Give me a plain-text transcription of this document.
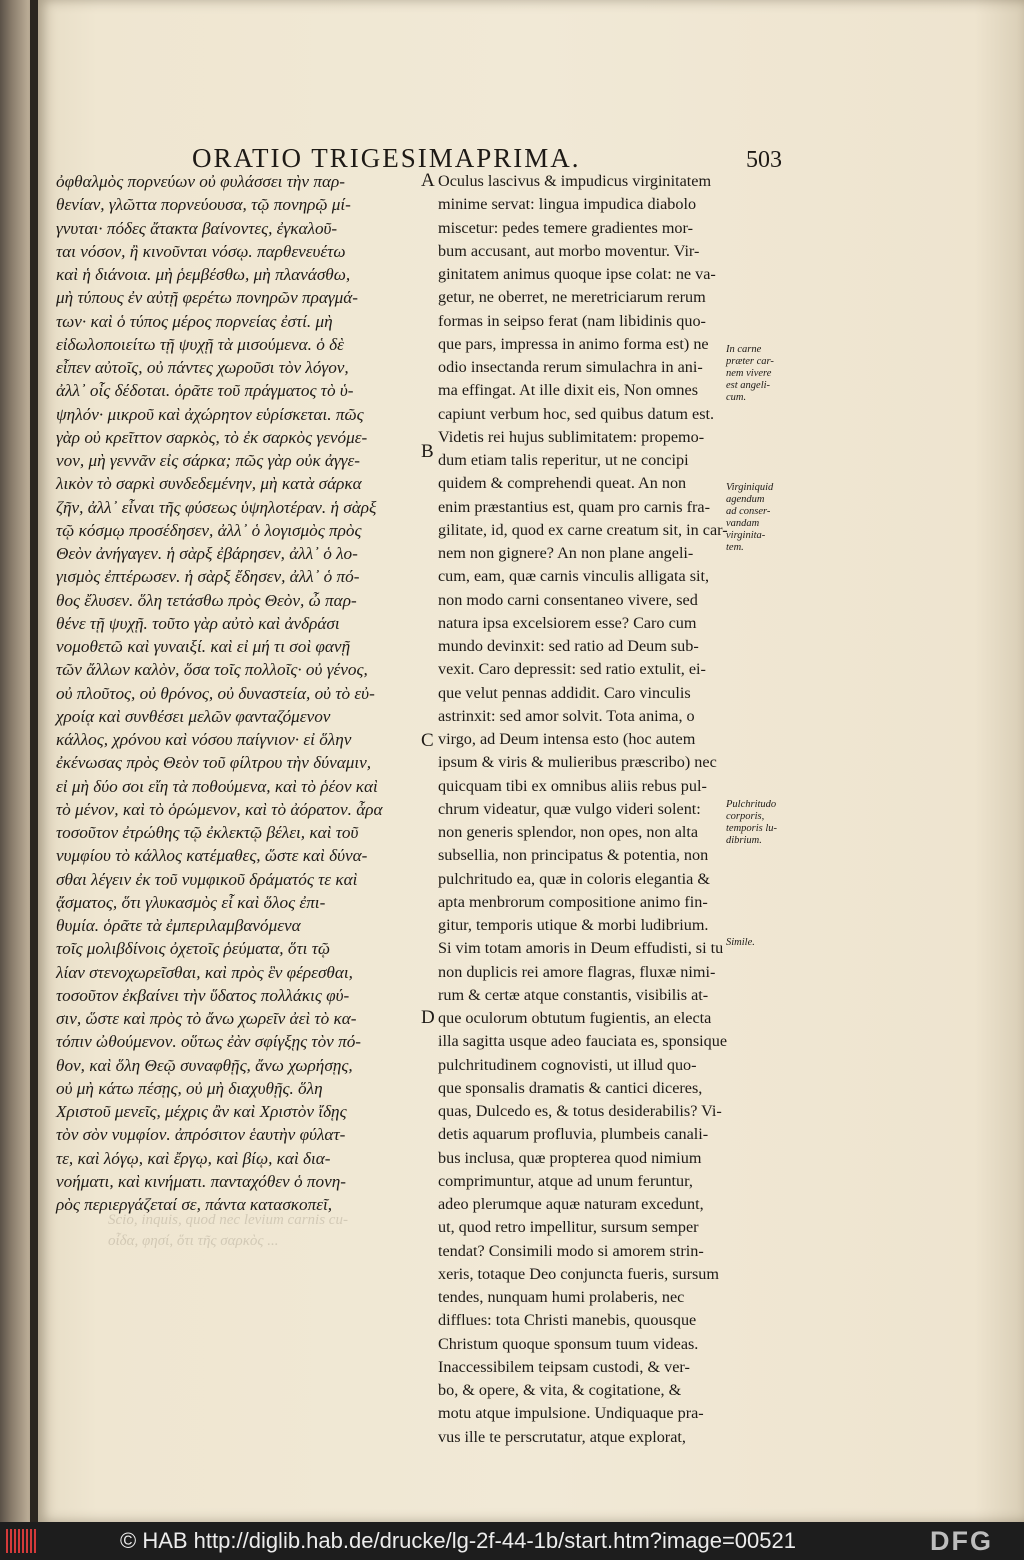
ORATIO TRIGESIMAPRIMA.	503
Scio, inquis, quod nec levium carnis cu-
οἶδα, φησί, ὅτι τῆς σαρκὸς ...
ὀφθαλμὸς πορνεύων οὐ φυλάσσει τὴν παρ-
θενίαν, γλῶττα πορνεύουσα, τῷ πονηρῷ μί-
γνυται· πόδες ἄτακτα βαίνοντες, ἐγκαλοῦ-
ται νόσον, ἢ κινοῦνται νόσῳ. παρθενευέτω
καὶ ἡ διάνοια. μὴ ῥεμβέσθω, μὴ πλανάσθω,
μὴ τύπους ἐν αὐτῇ φερέτω πονηρῶν πραγμά-
των· καὶ ὁ τύπος μέρος πορνείας ἐστί. μὴ
εἰδωλοποιείτω τῇ ψυχῇ τὰ μισούμενα. ὁ δὲ
εἶπεν αὐτοῖς, οὐ πάντες χωροῦσι τὸν λόγον,
ἀλλ᾽ οἷς δέδοται. ὁρᾶτε τοῦ πράγματος τὸ ὑ-
ψηλόν· μικροῦ καὶ ἀχώρητον εὑρίσκεται. πῶς
γὰρ οὐ κρεῖττον σαρκὸς, τὸ ἐκ σαρκὸς γενόμε-
νον, μὴ γεννᾶν εἰς σάρκα; πῶς γὰρ οὐκ ἀγγε-
λικὸν τὸ σαρκὶ συνδεδεμένην, μὴ κατὰ σάρκα
ζῆν, ἀλλ᾽ εἶναι τῆς φύσεως ὑψηλοτέραν. ἡ σὰρξ
τῷ κόσμῳ προσέδησεν, ἀλλ᾽ ὁ λογισμὸς πρὸς
Θεὸν ἀνήγαγεν. ἡ σὰρξ ἐβάρησεν, ἀλλ᾽ ὁ λο-
γισμὸς ἐπτέρωσεν. ἡ σὰρξ ἔδησεν, ἀλλ᾽ ὁ πό-
θος ἔλυσεν. ὅλη τετάσθω πρὸς Θεὸν, ὦ παρ-
θένε τῇ ψυχῇ. τοῦτο γὰρ αὐτὸ καὶ ἀνδράσι
νομοθετῶ καὶ γυναιξί. καὶ εἰ μή τι σοὶ φανῇ
τῶν ἄλλων καλὸν, ὅσα τοῖς πολλοῖς· οὐ γένος,
οὐ πλοῦτος, οὐ θρόνος, οὐ δυναστεία, οὐ τὸ εὐ-
χροίᾳ καὶ συνθέσει μελῶν φανταζόμενον
κάλλος, χρόνου καὶ νόσου παίγνιον· εἰ ὅλην
ἐκένωσας πρὸς Θεὸν τοῦ φίλτρου τὴν δύναμιν,
εἰ μὴ δύο σοι εἴη τὰ ποθούμενα, καὶ τὸ ῥέον καὶ
τὸ μένον, καὶ τὸ ὁρώμενον, καὶ τὸ ἀόρατον. ἆρα
τοσοῦτον ἐτρώθης τῷ ἐκλεκτῷ βέλει, καὶ τοῦ
νυμφίου τὸ κάλλος κατέμαθες, ὥστε καὶ δύνα-
σθαι λέγειν ἐκ τοῦ νυμφικοῦ δράματός τε καὶ
ᾄσματος, ὅτι γλυκασμὸς εἶ καὶ ὅλος ἐπι-
θυμία. ὁρᾶτε τὰ ἐμπεριλαμβανόμενα
τοῖς μολιβδίνοις ὀχετοῖς ῥεύματα, ὅτι τῷ
λίαν στενοχωρεῖσθαι, καὶ πρὸς ἓν φέρεσθαι,
τοσοῦτον ἐκβαίνει τὴν ὕδατος πολλάκις φύ-
σιν, ὥστε καὶ πρὸς τὸ ἄνω χωρεῖν ἀεὶ τὸ κα-
τόπιν ὠθούμενον. οὕτως ἐὰν σφίγξῃς τὸν πό-
θον, καὶ ὅλη Θεῷ συναφθῇς, ἄνω χωρήσῃς,
οὐ μὴ κάτω πέσῃς, οὐ μὴ διαχυθῇς. ὅλη
Χριστοῦ μενεῖς, μέχρις ἂν καὶ Χριστὸν ἴδῃς
τὸν σὸν νυμφίον. ἀπρόσιτον ἑαυτὴν φύλατ-
τε, καὶ λόγῳ, καὶ ἔργῳ, καὶ βίῳ, καὶ δια-
νοήματι, καὶ κινήματι. πανταχόθεν ὁ πονη-
ρὸς περιεργάζεταί σε, πάντα κατασκοπεῖ,
Oculus lascivus & impudicus virginitatem
minime servat: lingua impudica diabolo
miscetur: pedes temere gradientes mor-
bum accusant, aut morbo moventur. Vir-
ginitatem animus quoque ipse colat: ne va-
getur, ne oberret, ne meretriciarum rerum
formas in seipso ferat (nam libidinis quo-
que pars, impressa in animo forma est) ne
odio insectanda rerum simulachra in ani-
ma effingat. At ille dixit eis, Non omnes
capiunt verbum hoc, sed quibus datum est.
Videtis rei hujus sublimitatem: propemo-
dum etiam talis reperitur, ut ne concipi
quidem & comprehendi queat. An non
enim præstantius est, quam pro carnis fra-
gilitate, id, quod ex carne creatum sit, in car-
nem non gignere? An non plane angeli-
cum, eam, quæ carnis vinculis alligata sit,
non modo carni consentaneo vivere, sed
natura ipsa excelsiorem esse? Caro cum
mundo devinxit: sed ratio ad Deum sub-
vexit. Caro depressit: sed ratio extulit, ei-
que velut pennas addidit. Caro vinculis
astrinxit: sed amor solvit. Tota anima, o
virgo, ad Deum intensa esto (hoc autem
ipsum & viris & mulieribus præscribo) nec
quicquam tibi ex omnibus aliis rebus pul-
chrum videatur, quæ vulgo videri solent:
non generis splendor, non opes, non alta
subsellia, non principatus & potentia, non
pulchritudo ea, quæ in coloris elegantia &
apta menbrorum compositione animo fin-
gitur, temporis utique & morbi ludibrium.
Si vim totam amoris in Deum effudisti, si tu
non duplicis rei amore flagras, fluxæ nimi-
rum & certæ atque constantis, visibilis at-
que oculorum obtutum fugientis, an electa
illa sagitta usque adeo fauciata es, sponsique
pulchritudinem cognovisti, ut illud quo-
que sponsalis dramatis & cantici diceres,
quas, Dulcedo es, & totus desiderabilis? Vi-
detis aquarum profluvia, plumbeis canali-
bus inclusa, quæ propterea quod nimium
comprimuntur, atque ad unum feruntur,
adeo plerumque aquæ naturam excedunt,
ut, quod retro impellitur, sursum semper
tendat? Consimili modo si amorem strin-
xeris, totaque Deo conjuncta fueris, sursum
tendes, nunquam humi prolaberis, nec
difflues: tota Christi manebis, quousque
Christum quoque sponsum tuum videas.
Inaccessibilem teipsam custodi, & ver-
bo, & opere, & vita, & cogitatione, &
motu atque impulsione. Undiquaque pra-
vus ille te perscrutatur, atque explorat,
A
B
C
D
In carne
præter car-
nem vivere
est angeli-
cum.
Virginiquid
agendum
ad conser-
vandam
virginita-
tem.
Pulchritudo
corporis,
temporis lu-
dibrium.
Simile.
© HAB http://diglib.hab.de/drucke/lg-2f-44-1b/start.htm?image=00521	DFG
